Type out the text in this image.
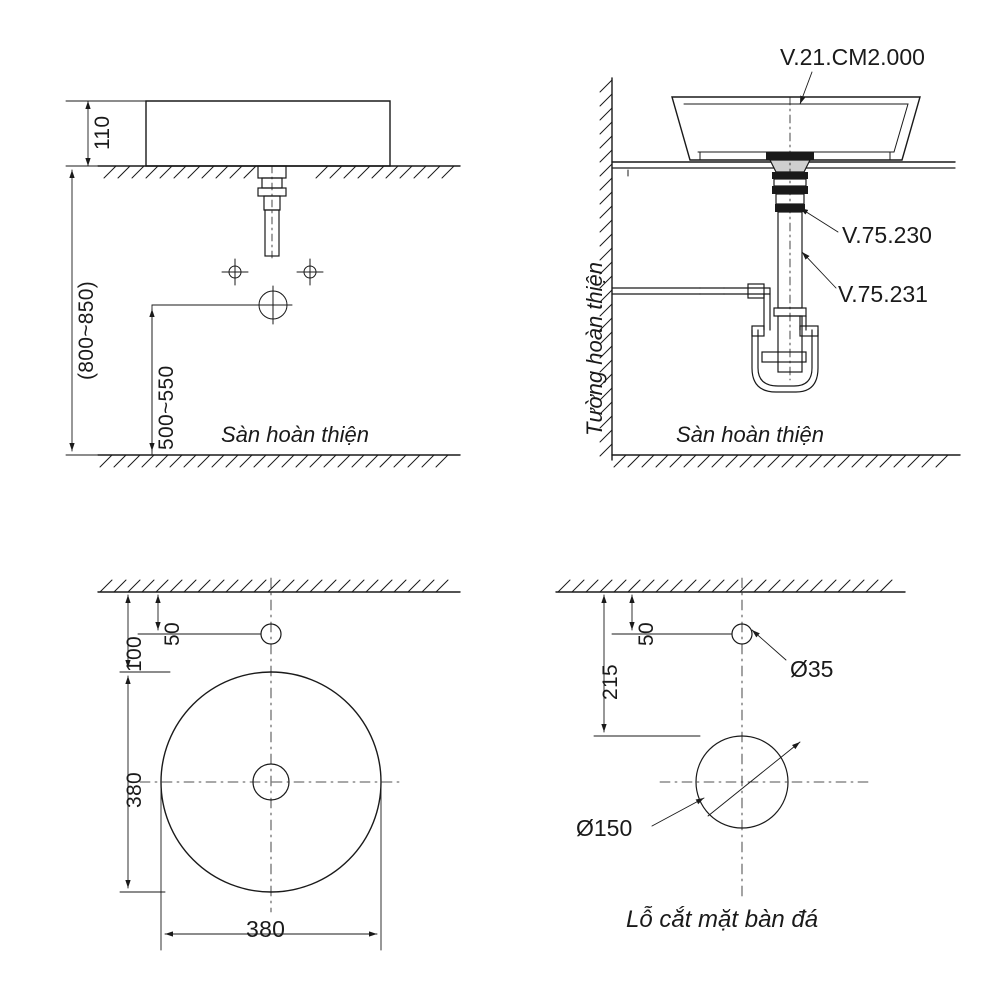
110
(800~850)
500~550 Sàn hoàn thiện
V.21.CM2.000
V.75.230
V.75.231
Tường hoàn thiện	Sàn hoàn thiện
50
100
380
380
50
215	Ø35
Ø150
Lỗ cắt mặt bàn đá
